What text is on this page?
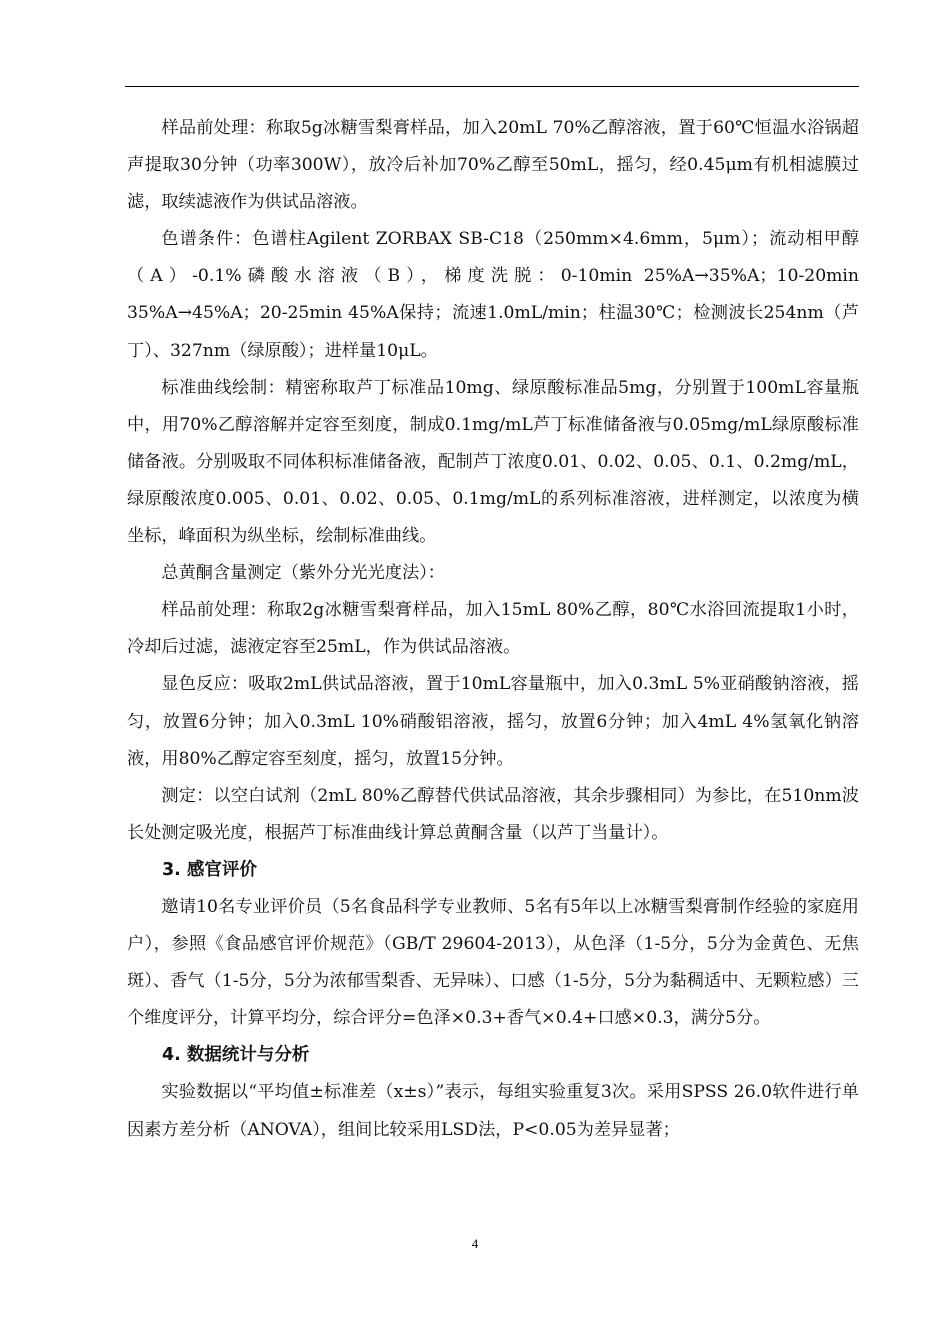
样品前处理：称取5g冰糖雪梨膏样品，加入20mL 70%乙醇溶液，置于60℃恒温水浴锅超声提取30分钟（功率300W），放冷后补加70%乙醇至50mL，摇匀，经0.45μm有机相滤膜过滤，取续滤液作为供试品溶液。

色谱条件：色谱柱Agilent ZORBAX SB-C18（250mm×4.6mm，5μm）；流动相甲醇（A）-0.1%磷酸水溶液（B），梯度洗脱：0-10min 25%A→35%A；10-20min 35%A→45%A；20-25min 45%A保持；流速1.0mL/min；柱温30℃；检测波长254nm（芦丁）、327nm（绿原酸）；进样量10μL。

标准曲线绘制：精密称取芦丁标准品10mg、绿原酸标准品5mg，分别置于100mL容量瓶中，用70%乙醇溶解并定容至刻度，制成0.1mg/mL芦丁标准储备液与0.05mg/mL绿原酸标准储备液。分别吸取不同体积标准储备液，配制芦丁浓度0.01、0.02、0.05、0.1、0.2mg/mL，绿原酸浓度0.005、0.01、0.02、0.05、0.1mg/mL的系列标准溶液，进样测定，以浓度为横坐标，峰面积为纵坐标，绘制标准曲线。

总黄酮含量测定（紫外分光光度法）：

样品前处理：称取2g冰糖雪梨膏样品，加入15mL 80%乙醇，80℃水浴回流提取1小时，冷却后过滤，滤液定容至25mL，作为供试品溶液。

显色反应：吸取2mL供试品溶液，置于10mL容量瓶中，加入0.3mL 5%亚硝酸钠溶液，摇匀，放置6分钟；加入0.3mL 10%硝酸铝溶液，摇匀，放置6分钟；加入4mL 4%氢氧化钠溶液，用80%乙醇定容至刻度，摇匀，放置15分钟。

测定：以空白试剂（2mL 80%乙醇替代供试品溶液，其余步骤相同）为参比，在510nm波长处测定吸光度，根据芦丁标准曲线计算总黄酮含量（以芦丁当量计）。

3. 感官评价

邀请10名专业评价员（5名食品科学专业教师、5名有5年以上冰糖雪梨膏制作经验的家庭用户），参照《食品感官评价规范》（GB/T 29604-2013），从色泽（1-5分，5分为金黄色、无焦斑）、香气（1-5分，5分为浓郁雪梨香、无异味）、口感（1-5分，5分为黏稠适中、无颗粒感）三个维度评分，计算平均分，综合评分=色泽×0.3+香气×0.4+口感×0.3，满分5分。

4. 数据统计与分析

实验数据以“平均值±标准差（x±s）”表示，每组实验重复3次。采用SPSS 26.0软件进行单因素方差分析（ANOVA），组间比较采用LSD法，P<0.05为差异显著；

4
